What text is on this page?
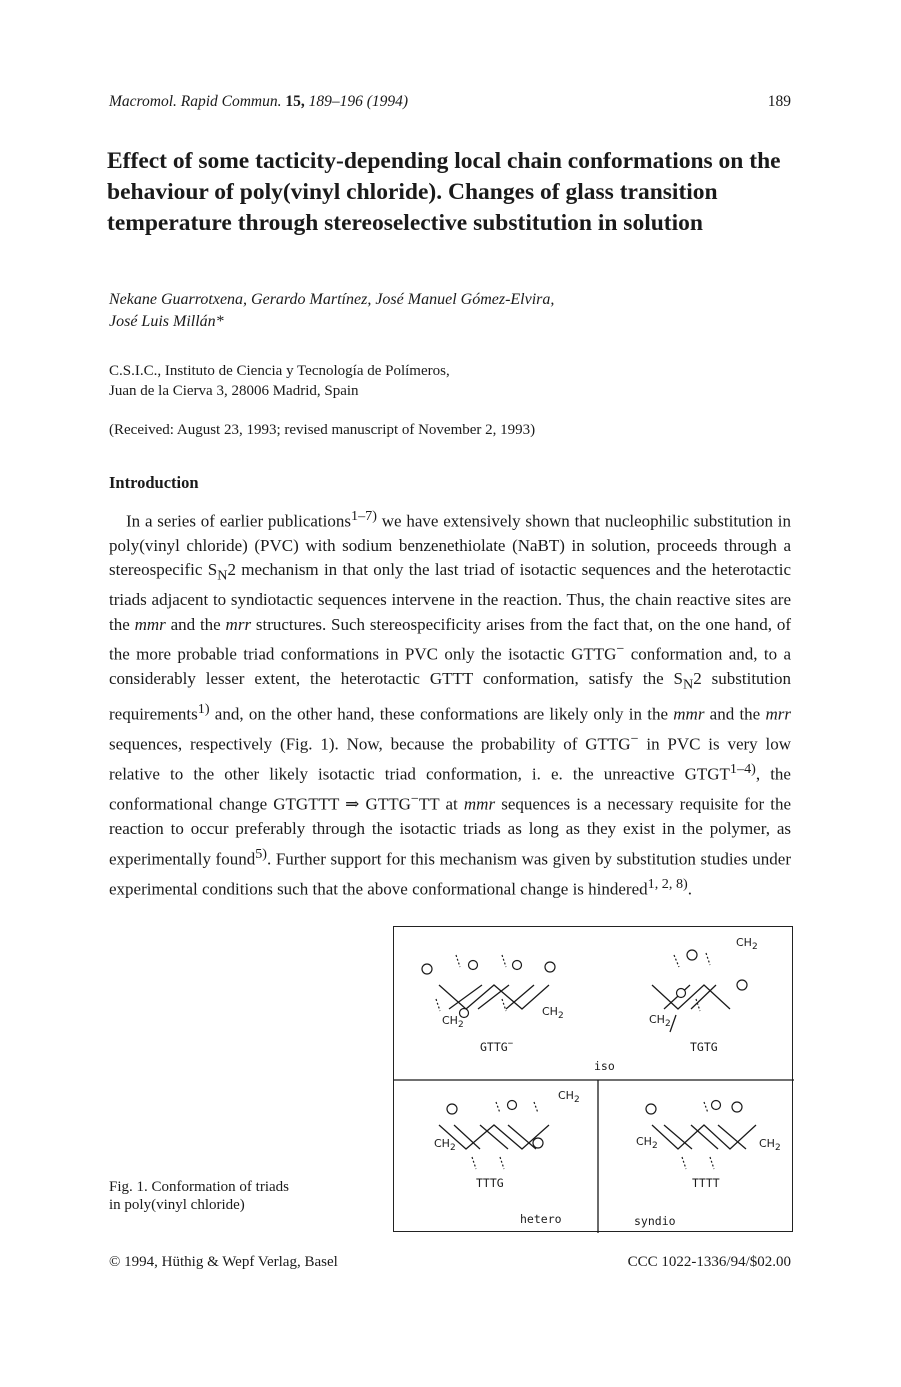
Macromol. Rapid Commun. 15, 189–196 (1994)	189
Effect of some tacticity-depending local chain conformations on the behaviour of poly(vinyl chloride). Changes of glass transition temperature through stereoselective substitution in solution
Nekane Guarrotxena, Gerardo Martínez, José Manuel Gómez-Elvira,
José Luis Millán*
C.S.I.C., Instituto de Ciencia y Tecnología de Polímeros,
Juan de la Cierva 3, 28006 Madrid, Spain
(Received: August 23, 1993; revised manuscript of November 2, 1993)
Introduction
In a series of earlier publications$^{1-7)}$ we have extensively shown that nucleophilic substitution in poly(vinyl chloride) (PVC) with sodium benzenethiolate (NaBT) in solution, proceeds through a stereospecific $S_N2$ mechanism in that only the last triad of isotactic sequences and the heterotactic triads adjacent to syndiotactic sequences intervene in the reaction. Thus, the chain reactive sites are the mmr and the mrr structures. Such stereospecificity arises from the fact that, on the one hand, of the more probable triad conformations in PVC only the isotactic GTTG− conformation and, to a considerably lesser extent, the heterotactic GTTT conformation, satisfy the $S_N2$ substitution requirements$^{1)}$ and, on the other hand, these conformations are likely only in the mmr and the mrr sequences, respectively (Fig. 1). Now, because the probability of GTTG− in PVC is very low relative to the other likely isotactic triad conformation, i. e. the unreactive GTGT$^{1-4)}$, the conformational change GTGTTT ⇒ GTTG−TT at mmr sequences is a necessary requisite for the reaction to occur preferably through the isotactic triads as long as they exist in the polymer, as experimentally found$^{5)}$. Further support for this mechanism was given by substitution studies under experimental conditions such that the above conformational change is hindered$^{1, 2, 8)}$.
$CH_2$
$CH_2$
GTTG−
$CH_2$
$CH_2$
TGTG
iso
$CH_2$
$CH_2$
TTTG
hetero
$CH_2$	$CH_2$
TTTT
syndio
Fig. 1. Conformation of triads in poly(vinyl chloride)
© 1994, Hüthig & Wepf Verlag, Basel	CCC 1022-1336/94/$02.00
